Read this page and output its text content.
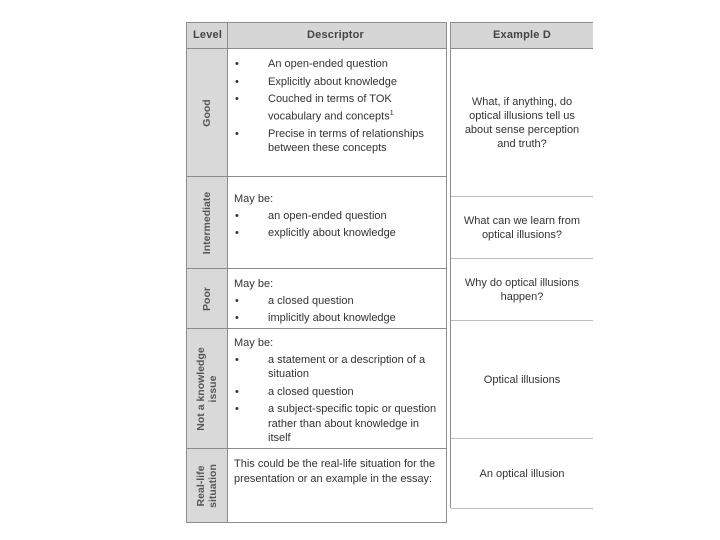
Level	Descriptor
Good
• An open-ended question
• Explicitly about knowledge
• Couched in terms of TOK vocabulary and concepts$^1$
• Precise in terms of relationships between these concepts
Intermediate May be:

• an open-ended question
• explicitly about knowledge
Poor

May be:

• a closed question
• implicitly about knowledge
Not a knowledge
issue

May be:

• a statement or a description of a situation
• a closed question
• a subject-specific topic or question rather than about knowledge in itself
Real-life
situation This could be the real-life situation for the presentation or an example in the essay:

Example D
What, if anything, do optical illusions tell us about sense perception and truth?
What can we learn from optical illusions?
Why do optical illusions happen?
Optical illusions
An optical illusion
